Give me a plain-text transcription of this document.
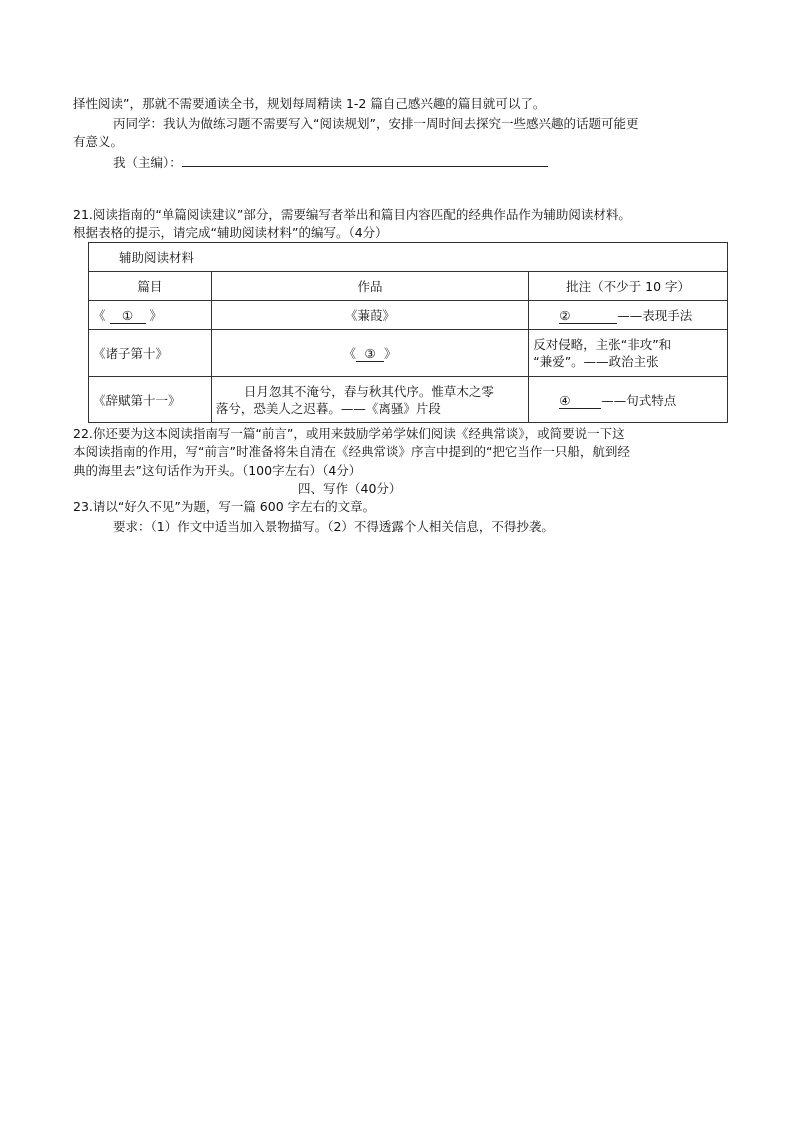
择性阅读”，那就不需要通读全书，规划每周精读 1-2 篇自己感兴趣的篇目就可以了。
丙同学：我认为做练习题不需要写入“阅读规划”，安排一周时间去探究一些感兴趣的话题可能更
有意义。
我（主编）：
21.阅读指南的“单篇阅读建议”部分，需要编写者举出和篇目内容匹配的经典作品作为辅助阅读材料。
根据表格的提示，请完成“辅助阅读材料”的编写。（4分）
辅助阅读材料		
篇目	作品	批注（不少于 10 字）
《 ① 》	《蒹葭》	② ——表现手法
《诸子第十》	《 ③ 》	反对侵略，主张“非攻”和
“兼爱”。——政治主张

《辞赋第十一》	日月忽其不淹兮，春与秋其代序。惟草木之零
落兮，恐美人之迟暮。——《离骚》片段	④ ——句式特点
22.你还要为这本阅读指南写一篇“前言”，或用来鼓励学弟学妹们阅读《经典常谈》，或简要说一下这
本阅读指南的作用，写“前言”时准备将朱自清在《经典常谈》序言中提到的“把它当作一只船，航到经
典的海里去”这句话作为开头。（100字左右）（4分）
四、写作（40分）
23.请以“好久不见”为题，写一篇 600 字左右的文章。
要求：（1）作文中适当加入景物描写。（2）不得透露个人相关信息，不得抄袭。
